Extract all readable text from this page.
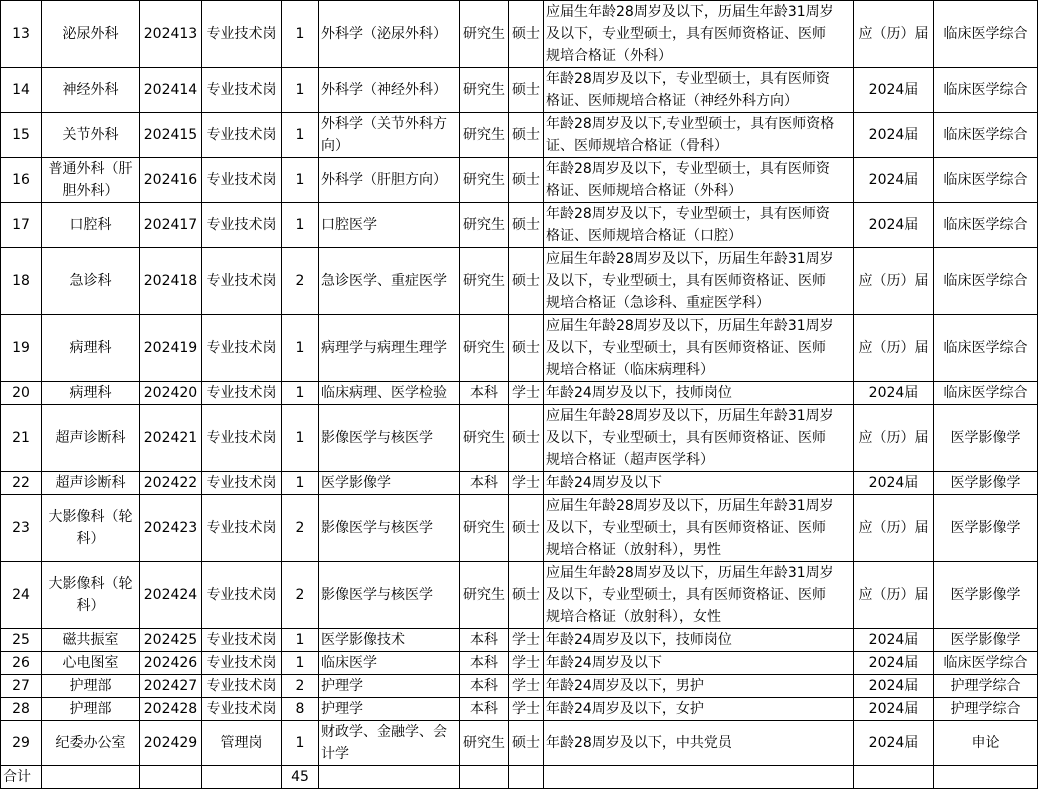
13	泌尿外科	202413	专业技术岗	1	外科学（泌尿外科）	研究生	硕士	应届生年龄28周岁及以下，历届生年龄31周岁
及以下，专业型硕士，具有医师资格证、医师
规培合格证（外科）	应（历）届	临床医学综合
14	神经外科	202414	专业技术岗	1	外科学（神经外科）	研究生	硕士	年龄28周岁及以下，专业型硕士，具有医师资
格证、医师规培合格证（神经外科方向）	2024届	临床医学综合
15	关节外科	202415	专业技术岗	1	外科学（关节外科方
向）	研究生	硕士	年龄28周岁及以下,专业型硕士，具有医师资格
证、医师规培合格证（骨科）	2024届	临床医学综合
16	普通外科（肝
胆外科）	202416	专业技术岗	1	外科学（肝胆方向）	研究生	硕士	年龄28周岁及以下，专业型硕士，具有医师资
格证、医师规培合格证（外科）	2024届	临床医学综合
17	口腔科	202417	专业技术岗	1	口腔医学	研究生	硕士	年龄28周岁及以下，专业型硕士，具有医师资
格证、医师规培合格证（口腔）	2024届	临床医学综合
18	急诊科	202418	专业技术岗	2	急诊医学、重症医学	研究生	硕士	应届生年龄28周岁及以下，历届生年龄31周岁
及以下，专业型硕士，具有医师资格证、医师
规培合格证（急诊科、重症医学科）	应（历）届	临床医学综合
19	病理科	202419	专业技术岗	1	病理学与病理生理学	研究生	硕士	应届生年龄28周岁及以下，历届生年龄31周岁
及以下，专业型硕士，具有医师资格证、医师
规培合格证（临床病理科）	应（历）届	临床医学综合
20	病理科	202420	专业技术岗	1	临床病理、医学检验	本科	学士	年龄24周岁及以下，技师岗位	2024届	临床医学综合
21	超声诊断科	202421	专业技术岗	1	影像医学与核医学	研究生	硕士	应届生年龄28周岁及以下，历届生年龄31周岁
及以下，专业型硕士，具有医师资格证、医师
规培合格证（超声医学科）	应（历）届	医学影像学
22	超声诊断科	202422	专业技术岗	1	医学影像学	本科	学士	年龄24周岁及以下	2024届	医学影像学
23	大影像科（轮
科）	202423	专业技术岗	2	影像医学与核医学	研究生	硕士	应届生年龄28周岁及以下，历届生年龄31周岁
及以下，专业型硕士，具有医师资格证、医师
规培合格证（放射科），男性	应（历）届	医学影像学
24	大影像科（轮
科）	202424	专业技术岗	2	影像医学与核医学	研究生	硕士	应届生年龄28周岁及以下，历届生年龄31周岁
及以下，专业型硕士，具有医师资格证、医师
规培合格证（放射科），女性	应（历）届	医学影像学
25	磁共振室	202425	专业技术岗	1	医学影像技术	本科	学士	年龄24周岁及以下，技师岗位	2024届	医学影像学
26	心电图室	202426	专业技术岗	1	临床医学	本科	学士	年龄24周岁及以下	2024届	临床医学综合
27	护理部	202427	专业技术岗	2	护理学	本科	学士	年龄24周岁及以下，男护	2024届	护理学综合
28	护理部	202428	专业技术岗	8	护理学	本科	学士	年龄24周岁及以下，女护	2024届	护理学综合
29	纪委办公室	202429	管理岗	1	财政学、金融学、会
计学	研究生	硕士	年龄28周岁及以下，中共党员	2024届	申论
合计				45						
